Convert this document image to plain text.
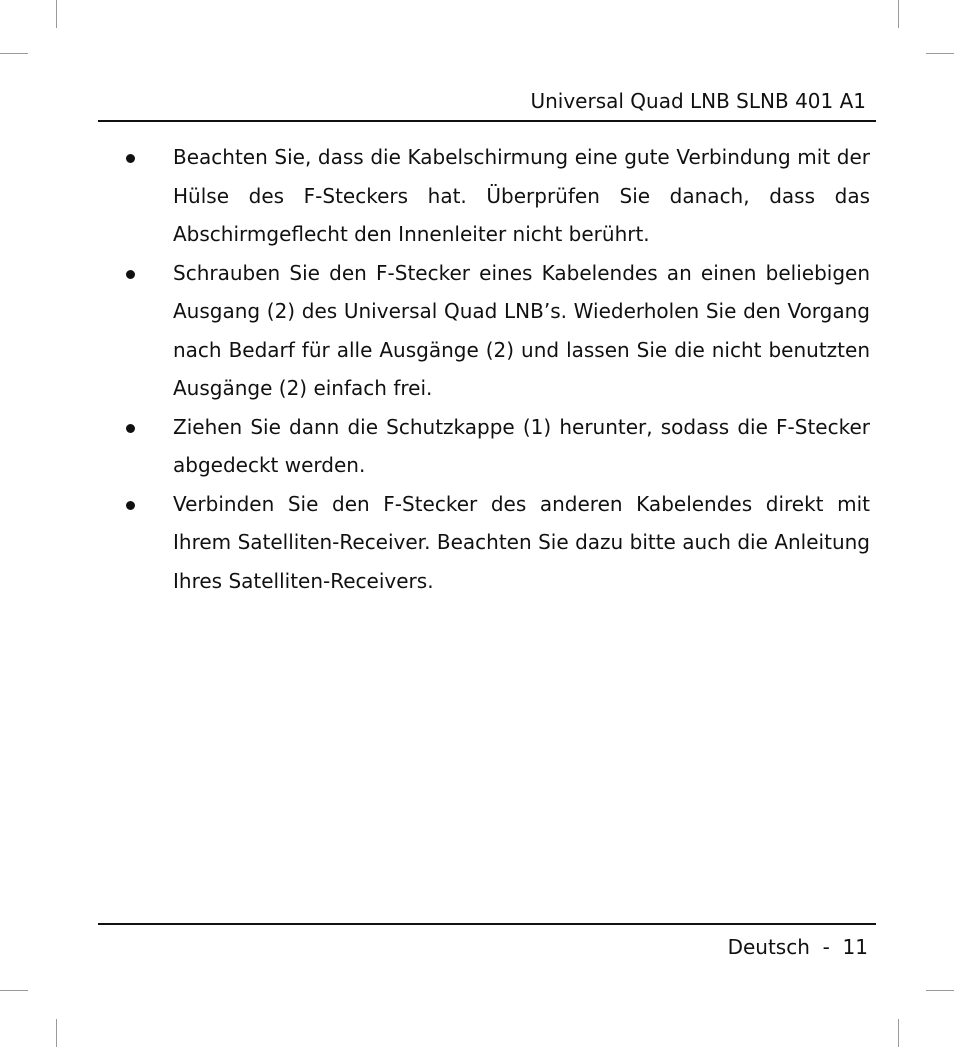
Universal Quad LNB SLNB 401 A1
Beachten Sie, dass die Kabelschirmung eine gute Verbindung mit der Hülse des F-Steckers hat. Überprüfen Sie danach, dass das Abschirmgeflecht den Innenleiter nicht berührt.
Schrauben Sie den F-Stecker eines Kabelendes an einen beliebigen Ausgang (2) des Universal Quad LNB’s. Wiederholen Sie den Vorgang nach Bedarf für alle Ausgänge (2) und lassen Sie die nicht benutzten Ausgänge (2) einfach frei.
Ziehen Sie dann die Schutzkappe (1) herunter, sodass die F-Stecker abgedeckt werden.
Verbinden Sie den F-Stecker des anderen Kabelendes direkt mit Ihrem Satelliten-Receiver. Beachten Sie dazu bitte auch die Anleitung Ihres Satelliten-Receivers.
Deutsch  -  11
